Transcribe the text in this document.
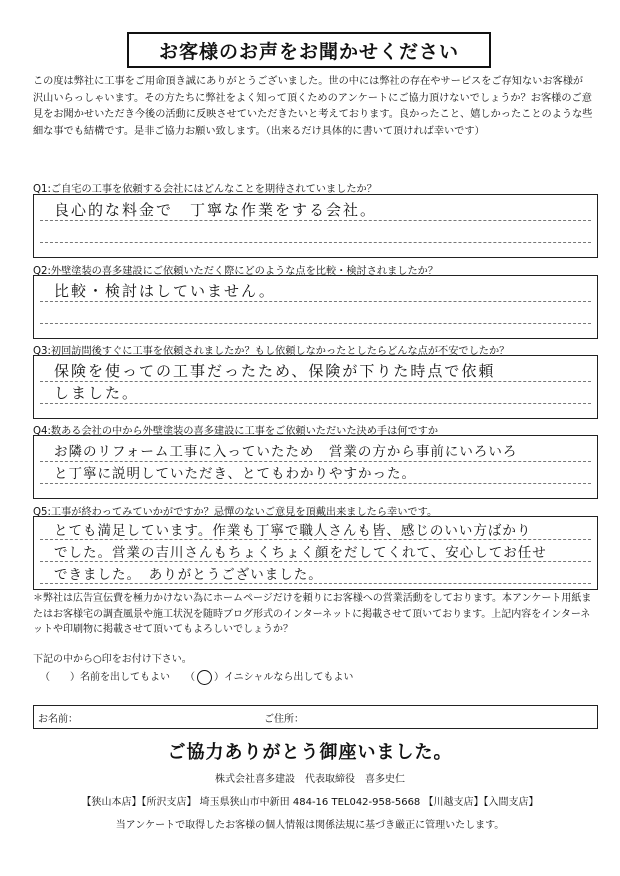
お客様のお声をお聞かせください
この度は弊社に工事をご用命頂き誠にありがとうございました。世の中には弊社の存在やサービスをご存知ないお客様が沢山いらっしゃいます。その方たちに弊社をよく知って頂くためのアンケートにご協力頂けないでしょうか？お客様のご意見をお聞かせいただき今後の活動に反映させていただきたいと考えております。良かったこと、嬉しかったことのような些細な事でも結構です。是非ご協力お願い致します。（出来るだけ具体的に書いて頂ければ幸いです）
Q1:ご自宅の工事を依頼する会社にはどんなことを期待されていましたか？
良心的な料金で　丁寧な作業をする会社。
Q2:外壁塗装の喜多建設にご依頼いただく際にどのような点を比較・検討されましたか？
比較・検討はしていません。
Q3:初回訪問後すぐに工事を依頼されましたか？もし依頼しなかったとしたらどんな点が不安でしたか？
保険を使っての工事だったため、保険が下りた時点で依頼
しました。
Q4:数ある会社の中から外壁塗装の喜多建設に工事をご依頼いただいた決め手は何ですか
お隣のリフォーム工事に入っていたため　営業の方から事前にいろいろ
と丁寧に説明していただき、とてもわかりやすかった。
Q5:工事が終わってみていかがですか？忌憚のないご意見を頂戴出来ましたら幸いです。
とても満足しています。作業も丁寧で職人さんも皆、感じのいい方ばかり
でした。営業の吉川さんもちょくちょく顔をだしてくれて、安心してお任せ
できました。　ありがとうございました。
＊弊社は広告宣伝費を極力かけない為にホームページだけを頼りにお客様への営業活動をしております。本アンケート用紙またはお客様宅の調査風景や施工状況を随時ブログ形式のインターネットに掲載させて頂いております。上記内容をインターネットや印刷物に掲載させて頂いてもよろしいでしょうか？
下記の中から○印をお付け下さい。
（　　）名前を出してもよい （ ）イニシャルなら出してもよい
お名前：	ご住所：
ご協力ありがとう御座いました。
株式会社喜多建設　代表取締役　喜多史仁
【狭山本店】【所沢支店】 埼玉県狭山市中新田 484-16 TEL042-958-5668 【川越支店】【入間支店】
当アンケートで取得したお客様の個人情報は関係法規に基づき厳正に管理いたします。
